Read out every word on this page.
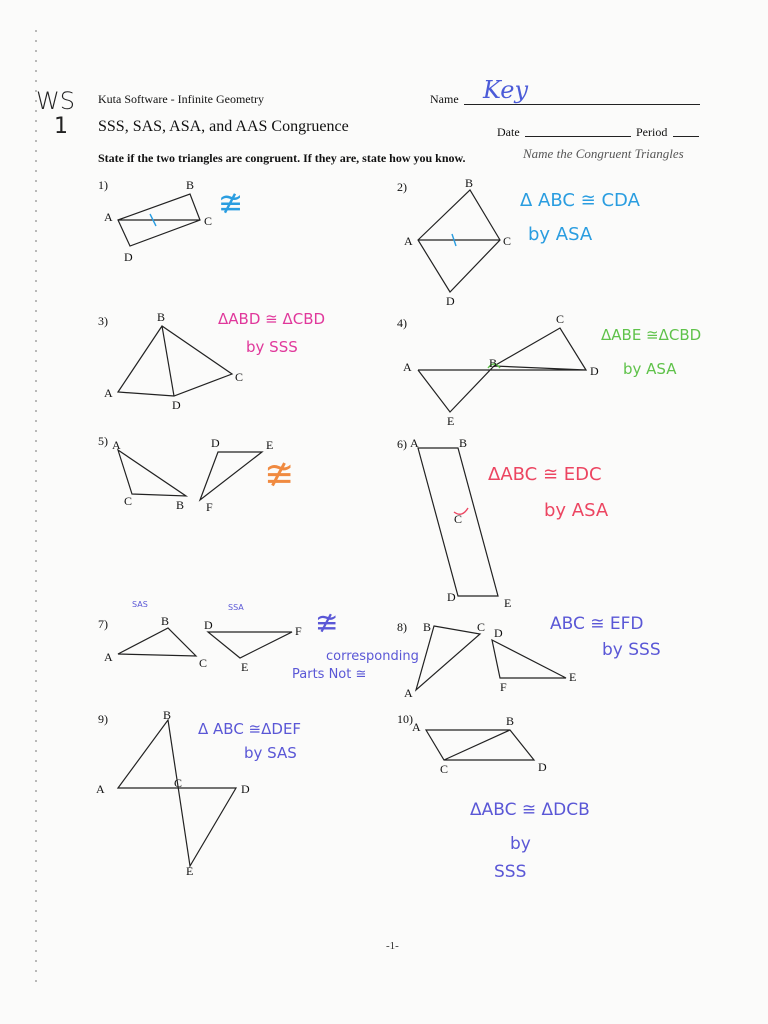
WS
1
Kuta Software - Infinite Geometry
SSS, SAS, ASA, and AAS Congruence
Name Key
Date	Period
State if the two triangles are congruent. If they are, state how you know.	Name the Congruent Triangles
1)	2)
3)	4)
5)	6)
7)	8)
9)	10)
A
B
C
D
A
B
C
D
A
B
C
D
A	B
C
D
E
A
B
C
D	E
F
A	B
C
D	E
A
B
C
D
E
F
A
B	C D
E
F
A
B
C	D
E
A	B
C	D
≇	Δ ABC ≅ CDA
by ASA
ΔABD ≅ ΔCBD
by SSS
ΔABE ≅ΔCBD
by ASA
≇	ΔABC ≅ EDC
by ASA
SAS	SSA	≇
corresponding
Parts Not ≅
ABC ≅ EFD
by SSS
Δ ABC ≅ΔDEF
by SAS
ΔABC ≅ ΔDCB
by
SSS
-1-
